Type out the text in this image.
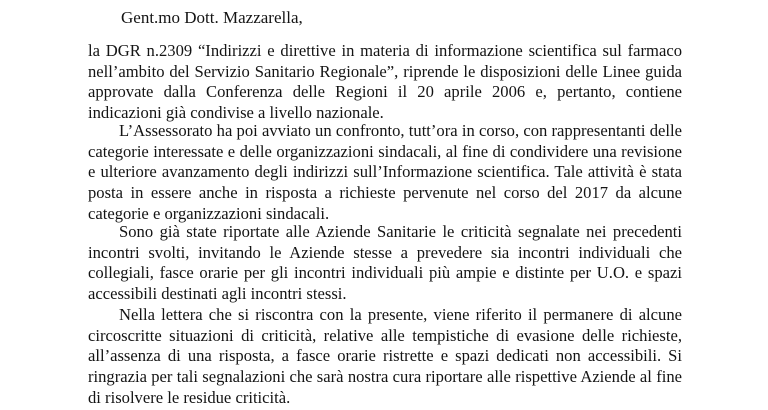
Gent.mo Dott. Mazzarella,

la DGR n.2309 “Indirizzi e direttive in materia di informazione scientifica sul farmaco nell’ambito del Servizio Sanitario Regionale”, riprende le disposizioni delle Linee guida approvate dalla Conferenza delle Regioni il 20 aprile 2006 e, pertanto, contiene indicazioni già condivise a livello nazionale.

L’Assessorato ha poi avviato un confronto, tutt’ora in corso, con rappresentanti delle categorie interessate e delle organizzazioni sindacali, al fine di condividere una revisione e ulteriore avanzamento degli indirizzi sull’Informazione scientifica. Tale attività è stata posta in essere anche in risposta a richieste pervenute nel corso del 2017 da alcune categorie e organizzazioni sindacali.

Sono già state riportate alle Aziende Sanitarie le criticità segnalate nei precedenti incontri svolti, invitando le Aziende stesse a prevedere sia incontri individuali che collegiali, fasce orarie per gli incontri individuali più ampie e distinte per U.O. e spazi accessibili destinati agli incontri stessi.

Nella lettera che si riscontra con la presente, viene riferito il permanere di alcune circoscritte situazioni di criticità, relative alle tempistiche di evasione delle richieste, all’assenza di una risposta, a fasce orarie ristrette e spazi dedicati non accessibili. Si ringrazia per tali segnalazioni che sarà nostra cura riportare alle rispettive Aziende al fine di risolvere le residue criticità.
